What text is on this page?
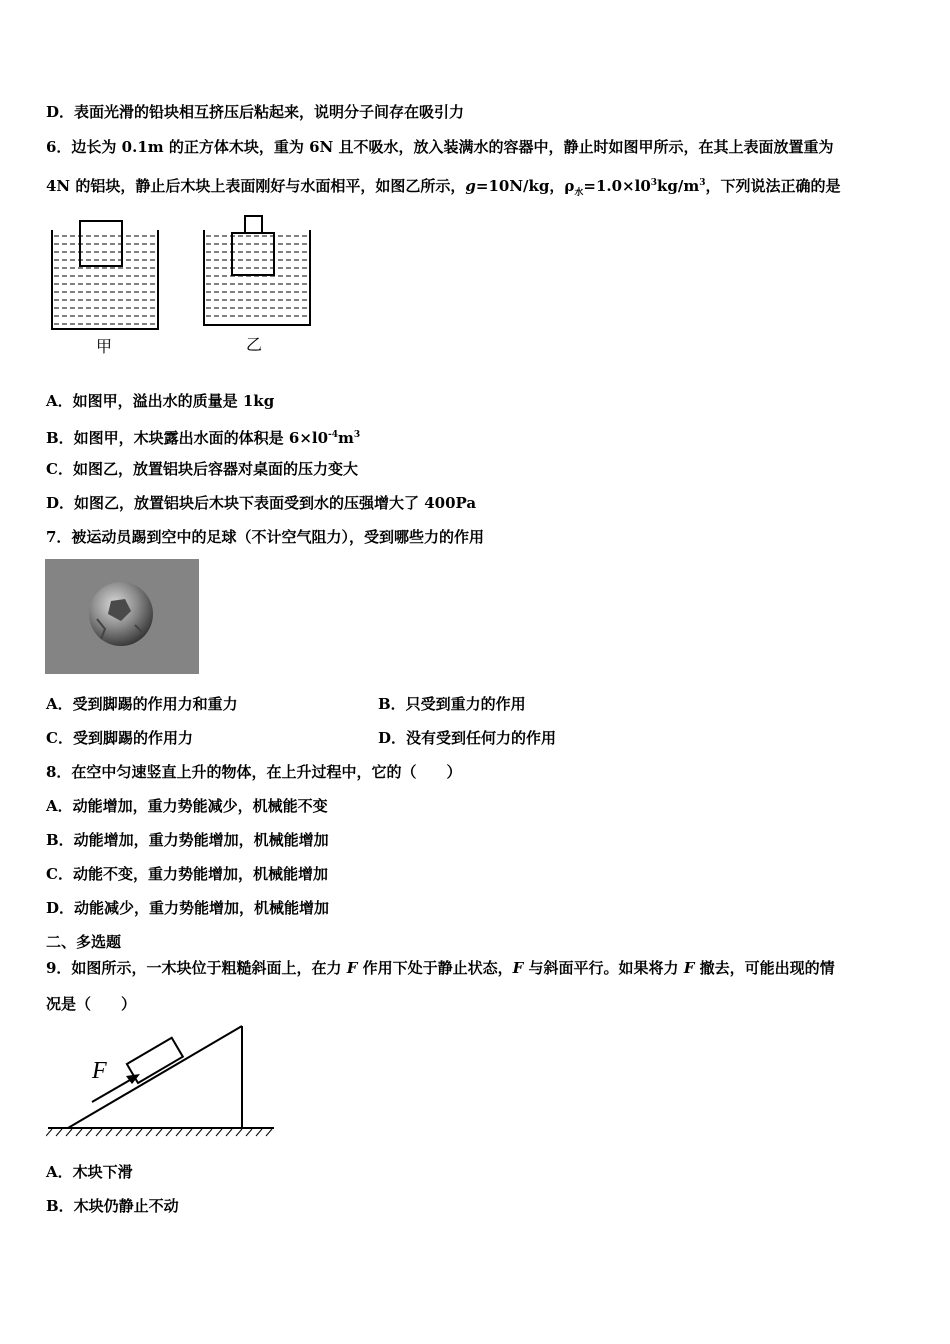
D．表面光滑的铅块相互挤压后粘起来，说明分子间存在吸引力
6．边长为 0.1m 的正方体木块，重为 6N 且不吸水，放入装满水的容器中，静止时如图甲所示，在其上表面放置重为
4N 的铝块，静止后木块上表面刚好与水面相平，如图乙所示，g=10N/kg，$\rho_水=1.0\times l0^3kg/m^3$，下列说法正确的是
甲	乙
A．如图甲，溢出水的质量是 1kg
B．如图甲，木块露出水面的体积是 $6\times l0^{-4}m^3$
C．如图乙，放置铝块后容器对桌面的压力变大
D．如图乙，放置铝块后木块下表面受到水的压强增大了 400Pa
7．被运动员踢到空中的足球（不计空气阻力），受到哪些力的作用
A．受到脚踢的作用力和重力	B．只受到重力的作用
C．受到脚踢的作用力	D．没有受到任何力的作用
8．在空中匀速竖直上升的物体，在上升过程中，它的（　　）
A．动能增加，重力势能减少，机械能不变
B．动能增加，重力势能增加，机械能增加
C．动能不变，重力势能增加，机械能增加
D．动能减少，重力势能增加，机械能增加
二、多选题
9．如图所示，一木块位于粗糙斜面上，在力 F 作用下处于静止状态，F 与斜面平行。如果将力 F 撤去，可能出现的情
况是（　　）
F
A．木块下滑
B．木块仍静止不动
